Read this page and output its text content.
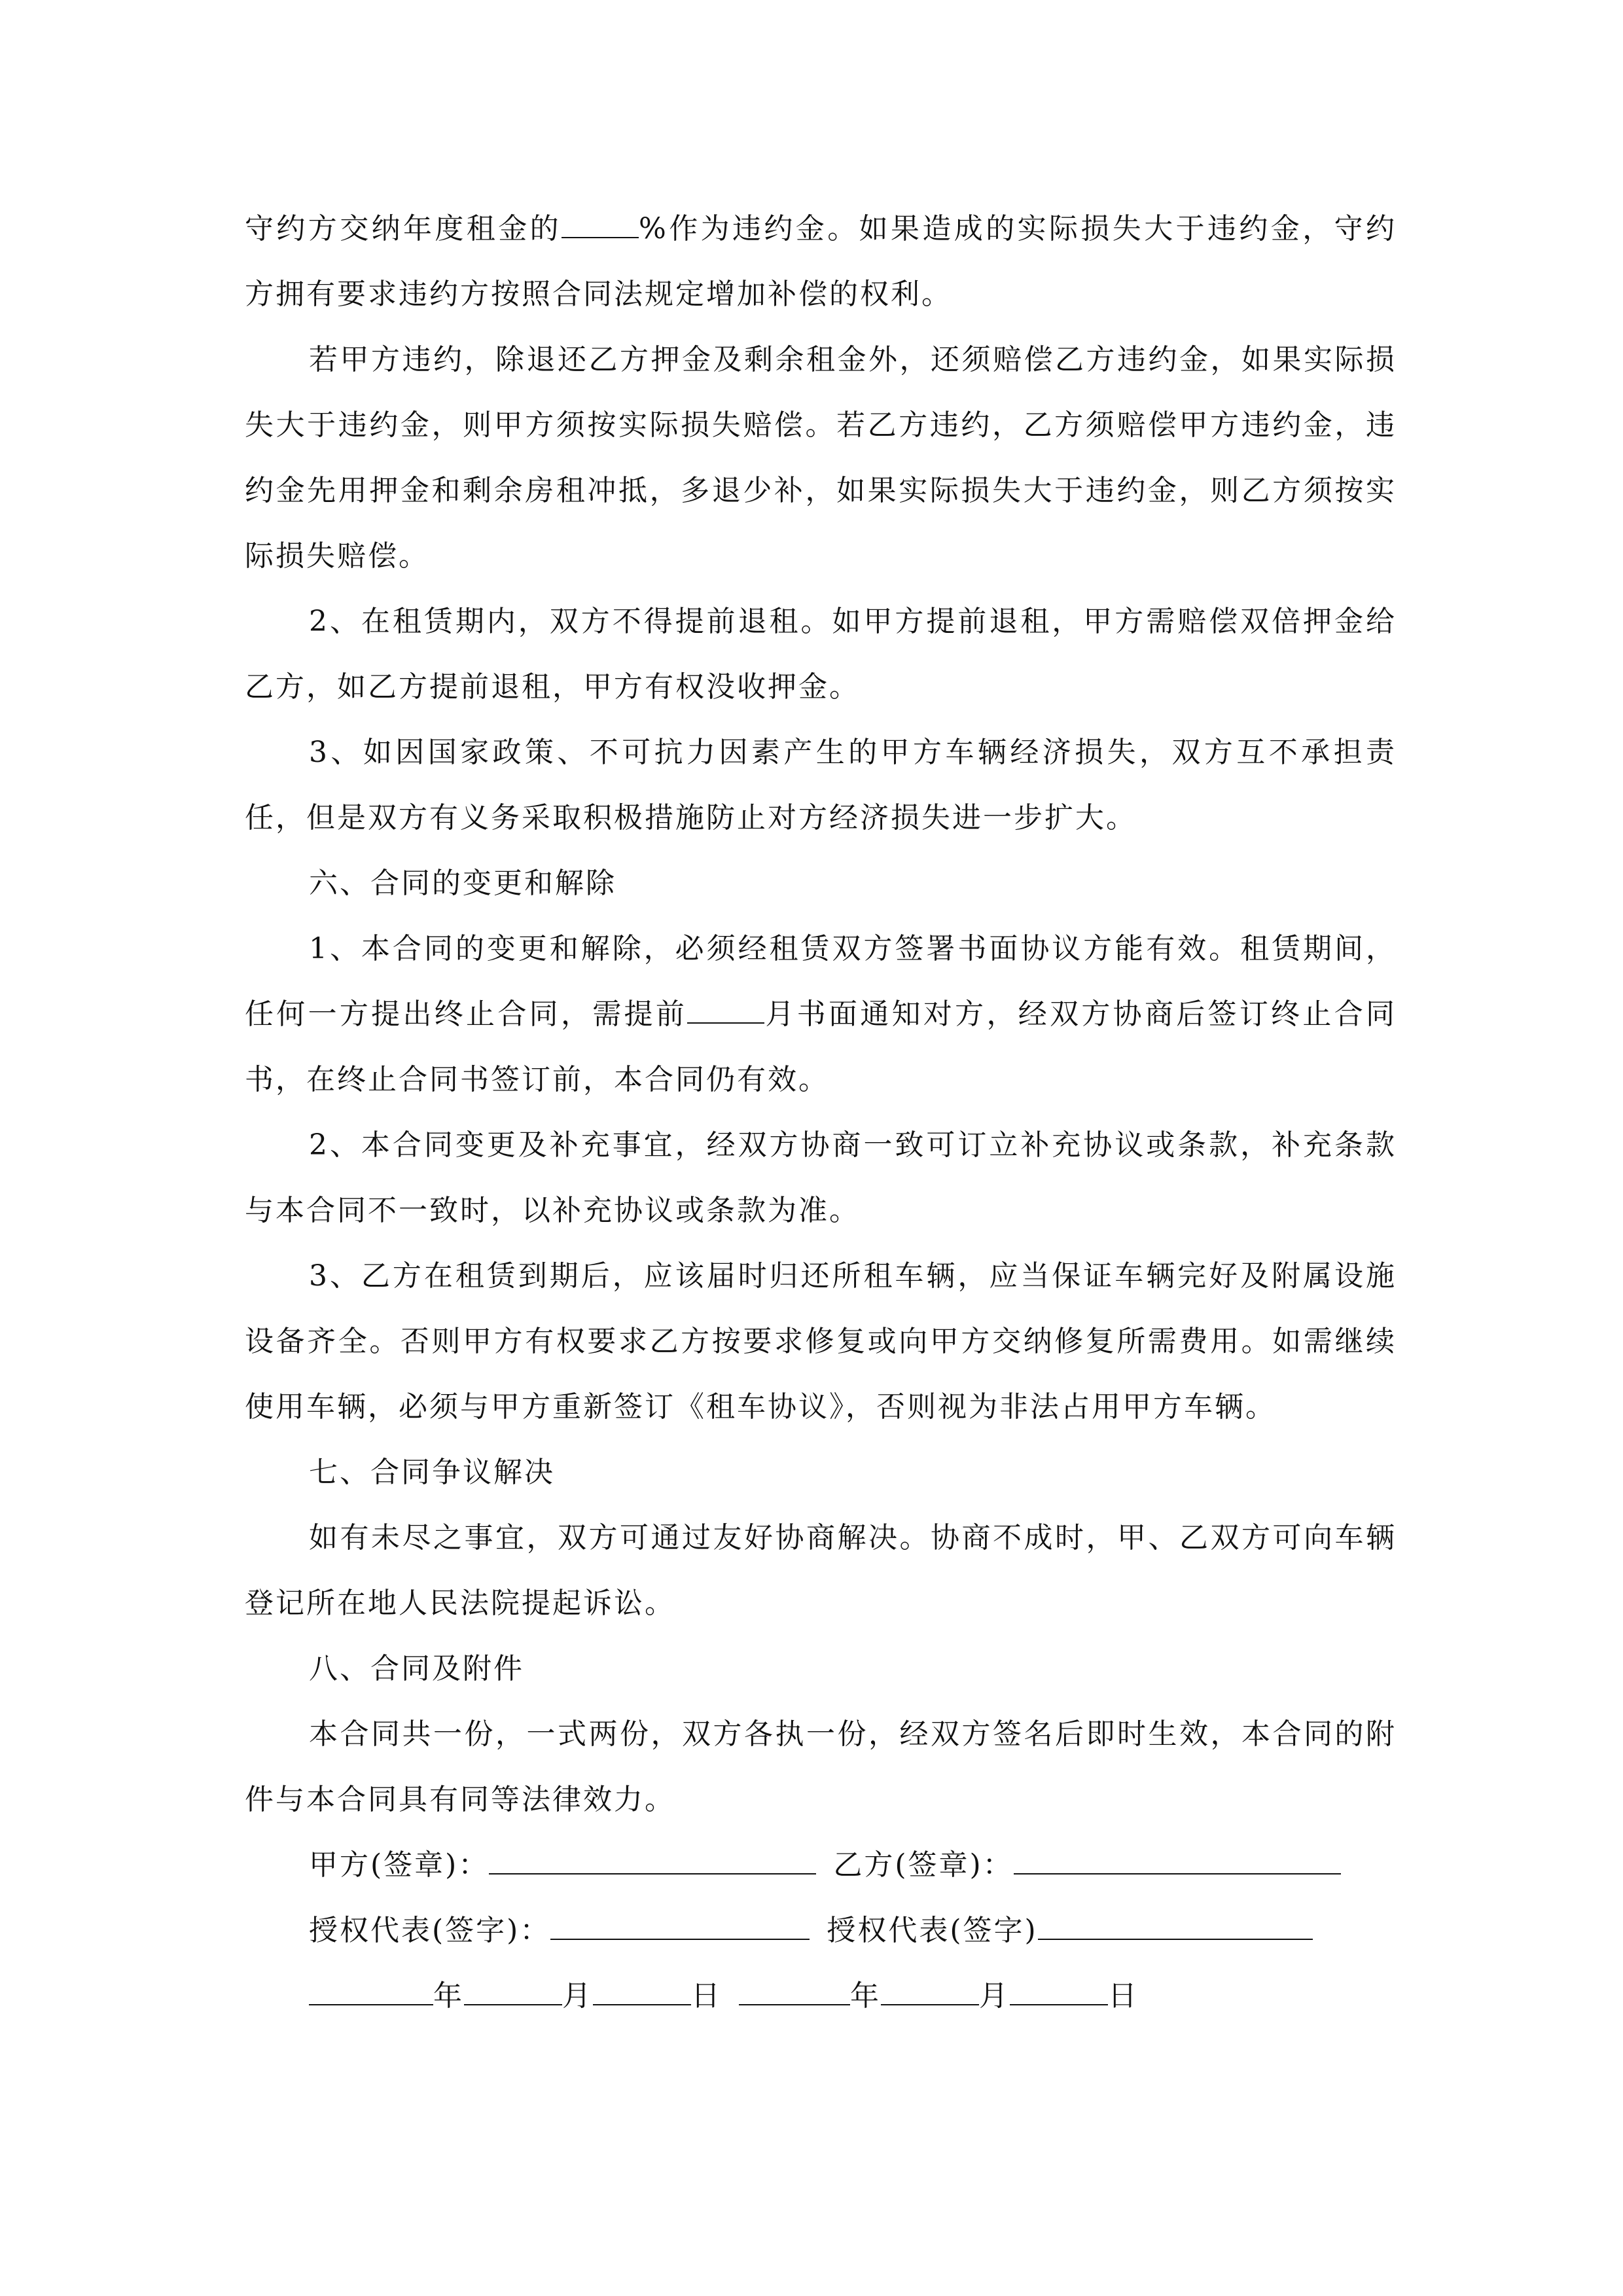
守约方交纳年度租金的	%作为违约金。如果造成的实际损失大于违约金，守约方拥有要求违约方按照合同法规定增加补偿的权利。

若甲方违约，除退还乙方押金及剩余租金外，还须赔偿乙方违约金，如果实际损失大于违约金，则甲方须按实际损失赔偿。若乙方违约，乙方须赔偿甲方违约金，违约金先用押金和剩余房租冲抵，多退少补，如果实际损失大于违约金，则乙方须按实际损失赔偿。

2、在租赁期内，双方不得提前退租。如甲方提前退租，甲方需赔偿双倍押金给乙方，如乙方提前退租，甲方有权没收押金。

3、如因国家政策、不可抗力因素产生的甲方车辆经济损失，双方互不承担责任，但是双方有义务采取积极措施防止对方经济损失进一步扩大。

六、合同的变更和解除

1、本合同的变更和解除，必须经租赁双方签署书面协议方能有效。租赁期间，任何一方提出终止合同，需提前	月书面通知对方，经双方协商后签订终止合同书，在终止合同书签订前，本合同仍有效。

2、本合同变更及补充事宜，经双方协商一致可订立补充协议或条款，补充条款与本合同不一致时，以补充协议或条款为准。

3、乙方在租赁到期后，应该届时归还所租车辆，应当保证车辆完好及附属设施设备齐全。否则甲方有权要求乙方按要求修复或向甲方交纳修复所需费用。如需继续使用车辆，必须与甲方重新签订《租车协议》，否则视为非法占用甲方车辆。

七、合同争议解决

如有未尽之事宜，双方可通过友好协商解决。协商不成时，甲、乙双方可向车辆登记所在地人民法院提起诉讼。

八、合同及附件

本合同共一份，一式两份，双方各执一份，经双方签名后即时生效，本合同的附件与本合同具有同等法律效力。

甲方(签章)：	乙方(签章)：

授权代表(签字)：	授权代表(签字)

年	月	日	年	月	日
